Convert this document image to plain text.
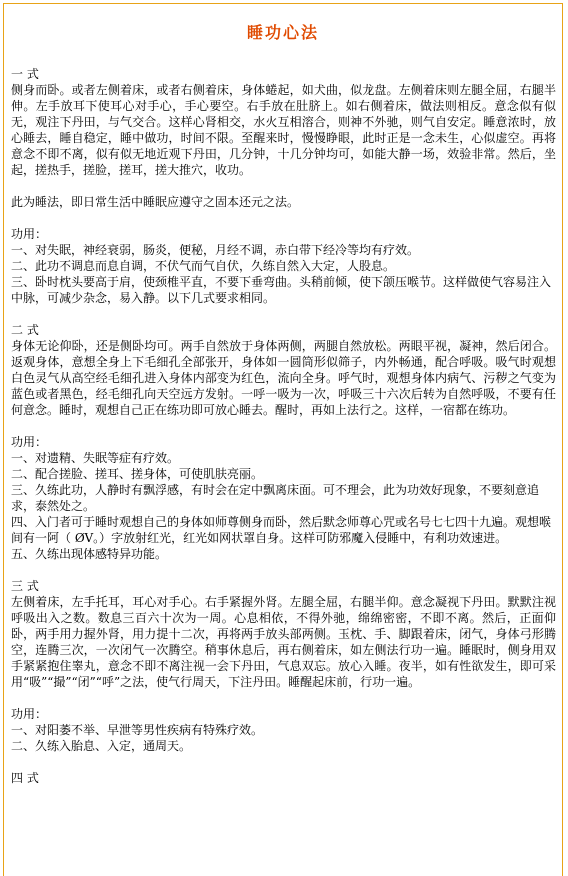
睡功心法

一 式

侧身而卧。或者左侧着床，或者右侧着床，身体蜷起，如犬曲，似龙盘。左侧着床则左腿全屈，右腿半伸。左手放耳下使耳心对手心，手心要空。右手放在肚脐上。如右侧着床，做法则相反。意念似有似无，观注下丹田，与气交合。这样心肾相交，水火互相溶合，则神不外驰，则气自安定。睡意浓时，放心睡去，睡自稳定，睡中做功，时间不限。至醒来时，慢慢睁眼，此时正是一念未生，心似虚空。再将意念不即不离，似有似无地近观下丹田，几分钟，十几分钟均可，如能大静一场，效验非常。然后，坐起，搓热手，搓脸，搓耳，搓大推穴，收功。

此为睡法，即日常生活中睡眠应遵守之固本还元之法。

功用：

一、对失眠，神经衰弱，肠炎，便秘，月经不调，赤白带下经冷等均有疗效。

二、此功不调息而息自调，不伏气而气自伏，久练自然入大定，人股息。

三、卧时枕头要高于肩，使颈椎平直，不要下垂弯曲。头稍前倾，使下颌压喉节。这样做使气容易注入中脉，可减少杂念，易入静。以下几式要求相同。

二 式

身体无论仰卧，还是侧卧均可。两手自然放于身体两侧，两腿自然放松。两眼平视，凝神，然后闭合。返观身体，意想全身上下毛细孔全部张开，身体如一圆筒形似筛子，内外畅通，配合呼吸。吸气时观想白色灵气从高空经毛细孔进入身体内部变为红色，流向全身。呼气时，观想身体内病气、污秽之气变为蓝色或者黑色，经毛细孔向天空远方发射。一呼一吸为一次，呼吸三十六次后转为自然呼吸，不要有任何意念。睡时，观想自己正在练功即可放心睡去。醒时，再如上法行之。这样，一宿都在练功。

功用：

一、对遗精、失眠等症有疗效。

二、配合搓脸、搓耳、搓身体，可使肌肤亮丽。

三、久练此功，人静时有飘浮感，有时会在定中飘离床面。可不理会，此为功效好现象，不要刻意追求，泰然处之。

四、入门者可于睡时观想自己的身体如师尊侧身而卧，然后默念师尊心咒或名号七七四十九遍。观想喉间有一阿（ ØV。）字放射红光，红光如网状罩自身。这样可防邪魔入侵睡中，有利功效速进。

五、久练出现体感特异功能。

三 式

左侧着床，左手托耳，耳心对手心。右手紧握外肾。左腿全屈，右腿半仰。意念凝视下丹田。默默注视呼吸出入之数。数息三百六十次为一周。心息相依，不得外驰，绵绵密密，不即不离。然后，正面仰卧，两手用力握外肾，用力提十二次，再将两手放头部两侧。玉枕、手、脚跟着床，闭气，身体弓形腾空，连腾三次，一次闭气一次腾空。稍事休息后，再右侧着床，如左侧法行功一遍。睡眠时，侧身用双手紧紧抱住睾丸，意念不即不离注视一会下丹田，气息双忘。放心入睡。夜半，如有性欲发生，即可采用“吸”“撮”“闭”“呼”之法，使气行周天，下注丹田。睡醒起床前，行功一遍。

功用：

一、对阳萎不举、早泄等男性疾病有特殊疗效。

二、久练入胎息、入定，通周天。

四 式
